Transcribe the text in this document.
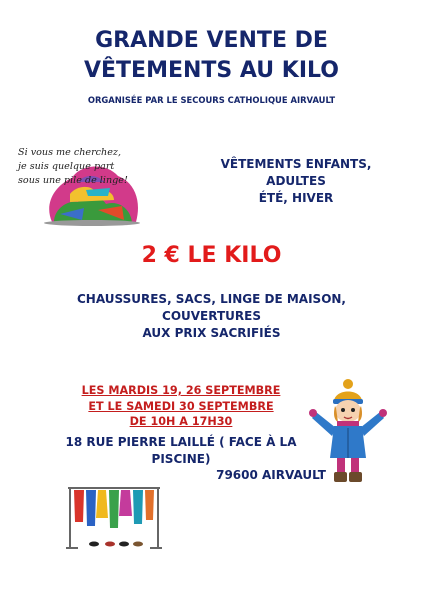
GRANDE VENTE DE
VÊTEMENTS AU KILO
ORGANISÉE PAR LE SECOURS CATHOLIQUE AIRVAULT
Si vous me cherchez,
je suis quelque part
sous une pile de linge!
VÊTEMENTS ENFANTS,
ADULTES
ÉTÉ, HIVER
2 € LE KILO
CHAUSSURES, SACS, LINGE DE MAISON,
COUVERTURES
AUX PRIX SACRIFIÉS
LES MARDIS 19, 26 SEPTEMBRE
ET LE SAMEDI 30 SEPTEMBRE
DE 10H A 17H30
18 RUE PIERRE LAILLÉ ( FACE À LA
PISCINE)
79600 AIRVAULT
